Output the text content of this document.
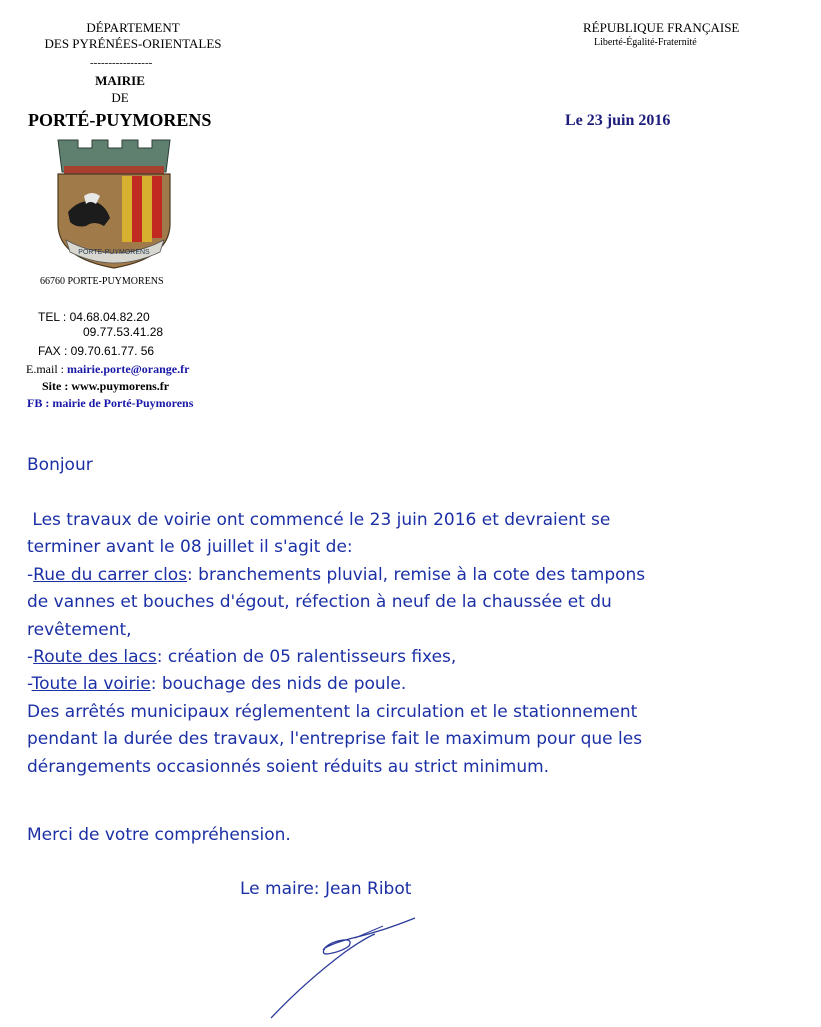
DÉPARTEMENT
DES PYRÉNÉES-ORIENTALES
-----------------
MAIRIE
DE
PORTÉ-PUYMORENS
RÉPUBLIQUE FRANÇAISE
Liberté-Égalité-Fraternité
Le 23 juin 2016
PORTE-PUYMORENS
66760 PORTE-PUYMORENS
TEL : 04.68.04.82.20
09.77.53.41.28
FAX : 09.70.61.77. 56
E.mail : mairie.porte@orange.fr
Site : www.puymorens.fr
FB : mairie de Porté-Puymorens
Bonjour

Les travaux de voirie ont commencé le 23 juin 2016 et devraient se

terminer avant le 08 juillet il s'agit de:

-Rue du carrer clos: branchements pluvial, remise à la cote des tampons

de vannes et bouches d'égout, réfection à neuf de la chaussée et du

revêtement,

-Route des lacs: création de 05 ralentisseurs fixes,

-Toute la voirie: bouchage des nids de poule.

Des arrêtés municipaux réglementent la circulation et le stationnement

pendant la durée des travaux, l'entreprise fait le maximum pour que les

dérangements occasionnés soient réduits au strict minimum.

Merci de votre compréhension.
Le maire: Jean Ribot
